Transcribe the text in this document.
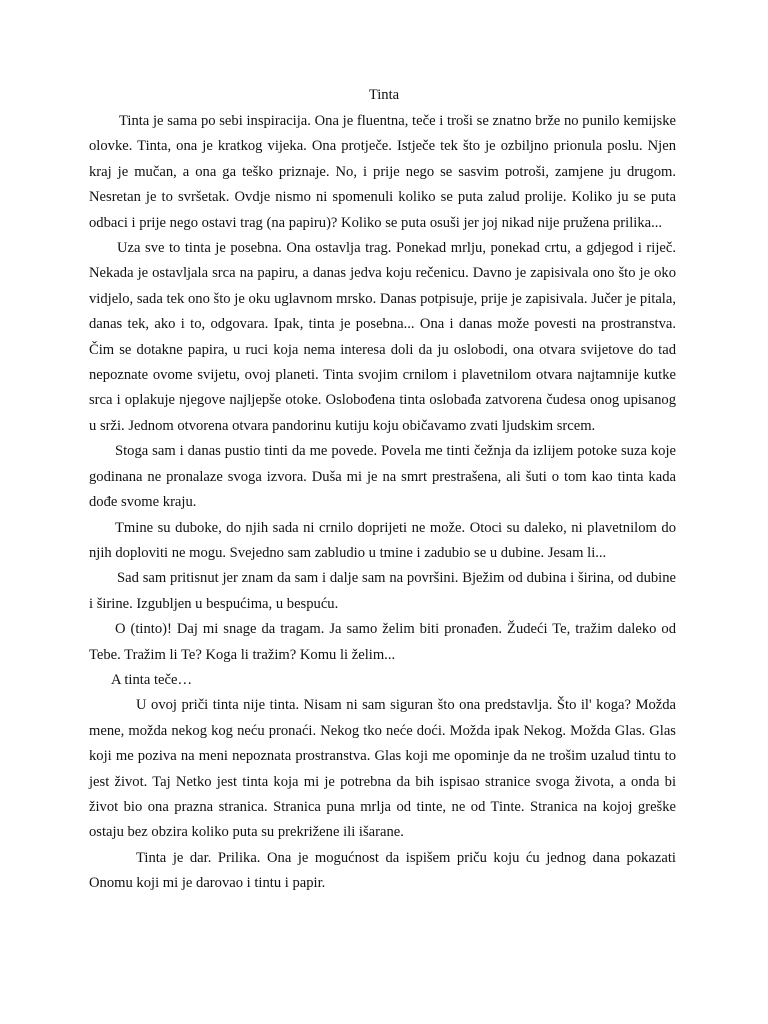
Tinta

Tinta je sama po sebi inspiracija. Ona je fluentna, teče i troši se znatno brže no punilo kemijske olovke. Tinta, ona je kratkog vijeka. Ona protječe. Istječe tek što je ozbiljno prionula poslu. Njen kraj je mučan, a ona ga teško priznaje. No, i prije nego se sasvim potroši, zamjene ju drugom. Nesretan je to svršetak. Ovdje nismo ni spomenuli koliko se puta zalud prolije. Koliko ju se puta odbaci i prije nego ostavi trag (na papiru)? Koliko se puta osuši jer joj nikad nije pružena prilika...

Uza sve to tinta je posebna. Ona ostavlja trag. Ponekad mrlju, ponekad crtu, a gdjegod i riječ. Nekada je ostavljala srca na papiru, a danas jedva koju rečenicu. Davno je zapisivala ono što je oko vidjelo, sada tek ono što je oku uglavnom mrsko. Danas potpisuje, prije je zapisivala. Jučer je pitala, danas tek, ako i to, odgovara. Ipak, tinta je posebna... Ona i danas može povesti na prostranstva. Čim se dotakne papira, u ruci koja nema interesa doli da ju oslobodi, ona otvara svijetove do tad nepoznate ovome svijetu, ovoj planeti. Tinta svojim crnilom i plavetnilom otvara najtamnije kutke srca i oplakuje njegove najljepše otoke. Oslobođena tinta oslobađa zatvorena čudesa onog upisanog u srži. Jednom otvorena otvara pandorinu kutiju koju običavamo zvati ljudskim srcem.

Stoga sam i danas pustio tinti da me povede. Povela me tinti čežnja da izlijem potoke suza koje godinana ne pronalaze svoga izvora. Duša mi je na smrt prestrašena, ali šuti o tom kao tinta kada dođe svome kraju.

Tmine su duboke, do njih sada ni crnilo doprijeti ne može. Otoci su daleko, ni plavetnilom do njih doploviti ne mogu. Svejedno sam zabludio u tmine i zadubio se u dubine. Jesam li...

Sad sam pritisnut jer znam da sam i dalje sam na površini. Bježim od dubina i širina, od dubine i širine. Izgubljen u bespućima, u bespuću.

O (tinto)! Daj mi snage da tragam. Ja samo želim biti pronađen. Žudeći Te, tražim daleko od Tebe. Tražim li Te? Koga li tražim? Komu li želim...

A tinta teče…

U ovoj priči tinta nije tinta. Nisam ni sam siguran što ona predstavlja. Što il' koga? Možda mene, možda nekog kog neću pronaći. Nekog tko neće doći. Možda ipak Nekog. Možda Glas. Glas koji me poziva na meni nepoznata prostranstva. Glas koji me opominje da ne trošim uzalud tintu to jest život. Taj Netko jest tinta koja mi je potrebna da bih ispisao stranice svoga života, a onda bi život bio ona prazna stranica. Stranica puna mrlja od tinte, ne od Tinte. Stranica na kojoj greške ostaju bez obzira koliko puta su prekrižene ili išarane.

Tinta je dar. Prilika. Ona je mogućnost da ispišem priču koju ću jednog dana pokazati Onomu koji mi je darovao i tintu i papir.
